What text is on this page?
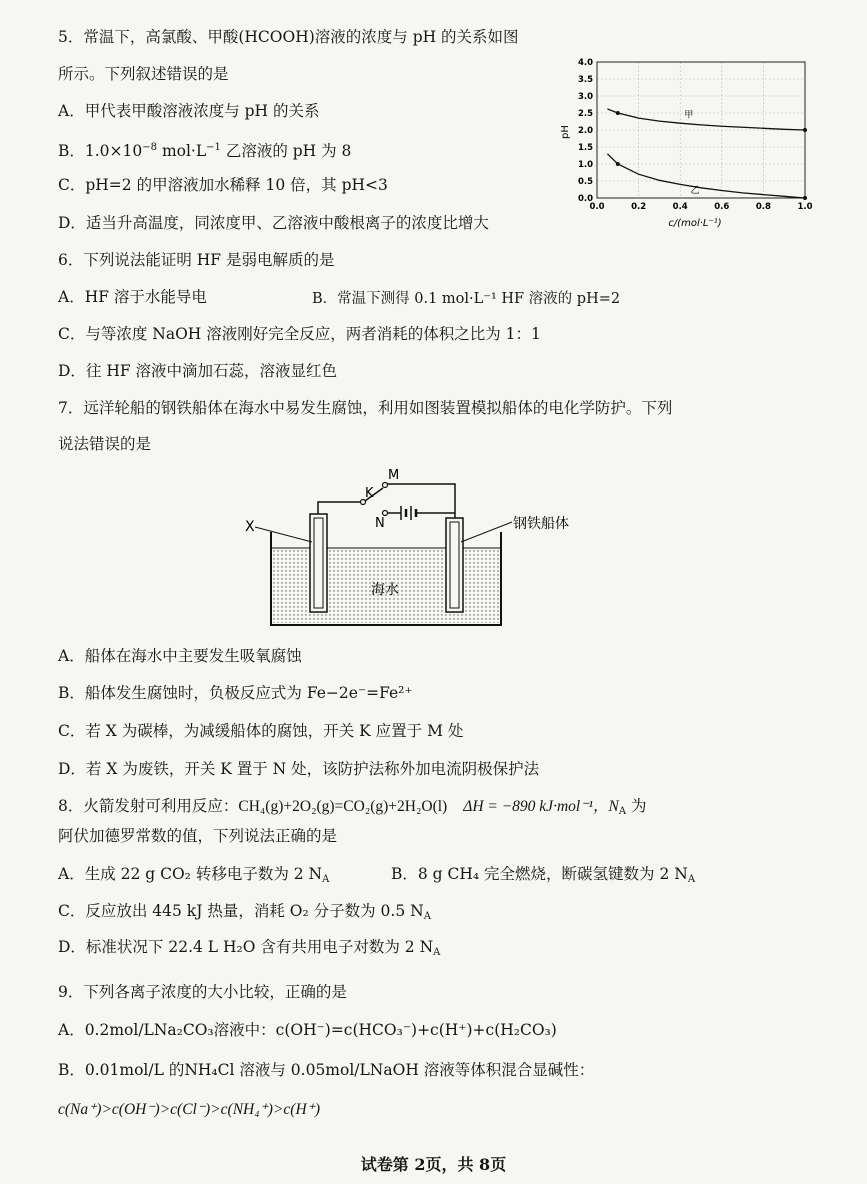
5．常温下，高氯酸、甲酸(HCOOH)溶液的浓度与 pH 的关系如图
所示。下列叙述错误的是
A．甲代表甲酸溶液浓度与 pH 的关系
B．$1.0\times 10^{-8}$ $mol\cdot L^{-1}$ 乙溶液的 pH 为 8
C．pH=2 的甲溶液加水稀释 10 倍，其 pH<3
D．适当升高温度，同浓度甲、乙溶液中酸根离子的浓度比增大
0.0	0.2	0.4	0.6	0.8	1.0
0.0
0.5
1.0
1.5
2.0
2.5
3.0
3.5
4.0
甲
乙
pH
c/(mol·L⁻¹)
6．下列说法能证明 HF 是弱电解质的是
A．HF 溶于水能导电	B．常温下测得 0.1 mol·L⁻¹ HF 溶液的 pH=2
C．与等浓度 NaOH 溶液刚好完全反应，两者消耗的体积之比为 1：1
D．往 HF 溶液中滴加石蕊，溶液显红色
7．远洋轮船的钢铁船体在海水中易发生腐蚀，利用如图装置模拟船体的电化学防护。下列
说法错误的是
X
K
M
N	钢铁船体
海水
A．船体在海水中主要发生吸氧腐蚀
B．船体发生腐蚀时，负极反应式为 Fe−2e⁻=Fe²⁺
C．若 X 为碳棒，为减缓船体的腐蚀，开关 K 应置于 M 处
D．若 X 为废铁，开关 K 置于 N 处，该防护法称外加电流阴极保护法
8．火箭发射可利用反应：CH₄(g)+2O₂(g)=CO₂(g)+2H₂O(l) ΔH = −890 kJ·mol⁻¹，$N_A$ 为
阿伏加德罗常数的值，下列说法正确的是
A．生成 22 g CO₂ 转移电子数为 2 $N_A$	B．8 g CH₄ 完全燃烧，断碳氢键数为 2 $N_A$
C．反应放出 445 kJ 热量，消耗 O₂ 分子数为 0.5 $N_A$
D．标准状况下 22.4 L H₂O 含有共用电子对数为 2 $N_A$
9．下列各离子浓度的大小比较，正确的是
A．0.2mol/LNa₂CO₃溶液中：c(OH⁻)=c(HCO₃⁻)+c(H⁺)+c(H₂CO₃)
B．0.01mol/L 的NH₄Cl 溶液与 0.05mol/LNaOH 溶液等体积混合显碱性：
c(Na⁺)>c(OH⁻)>c(Cl⁻)>c(NH₄⁺)>c(H⁺)
试卷第 2页，共 8页
